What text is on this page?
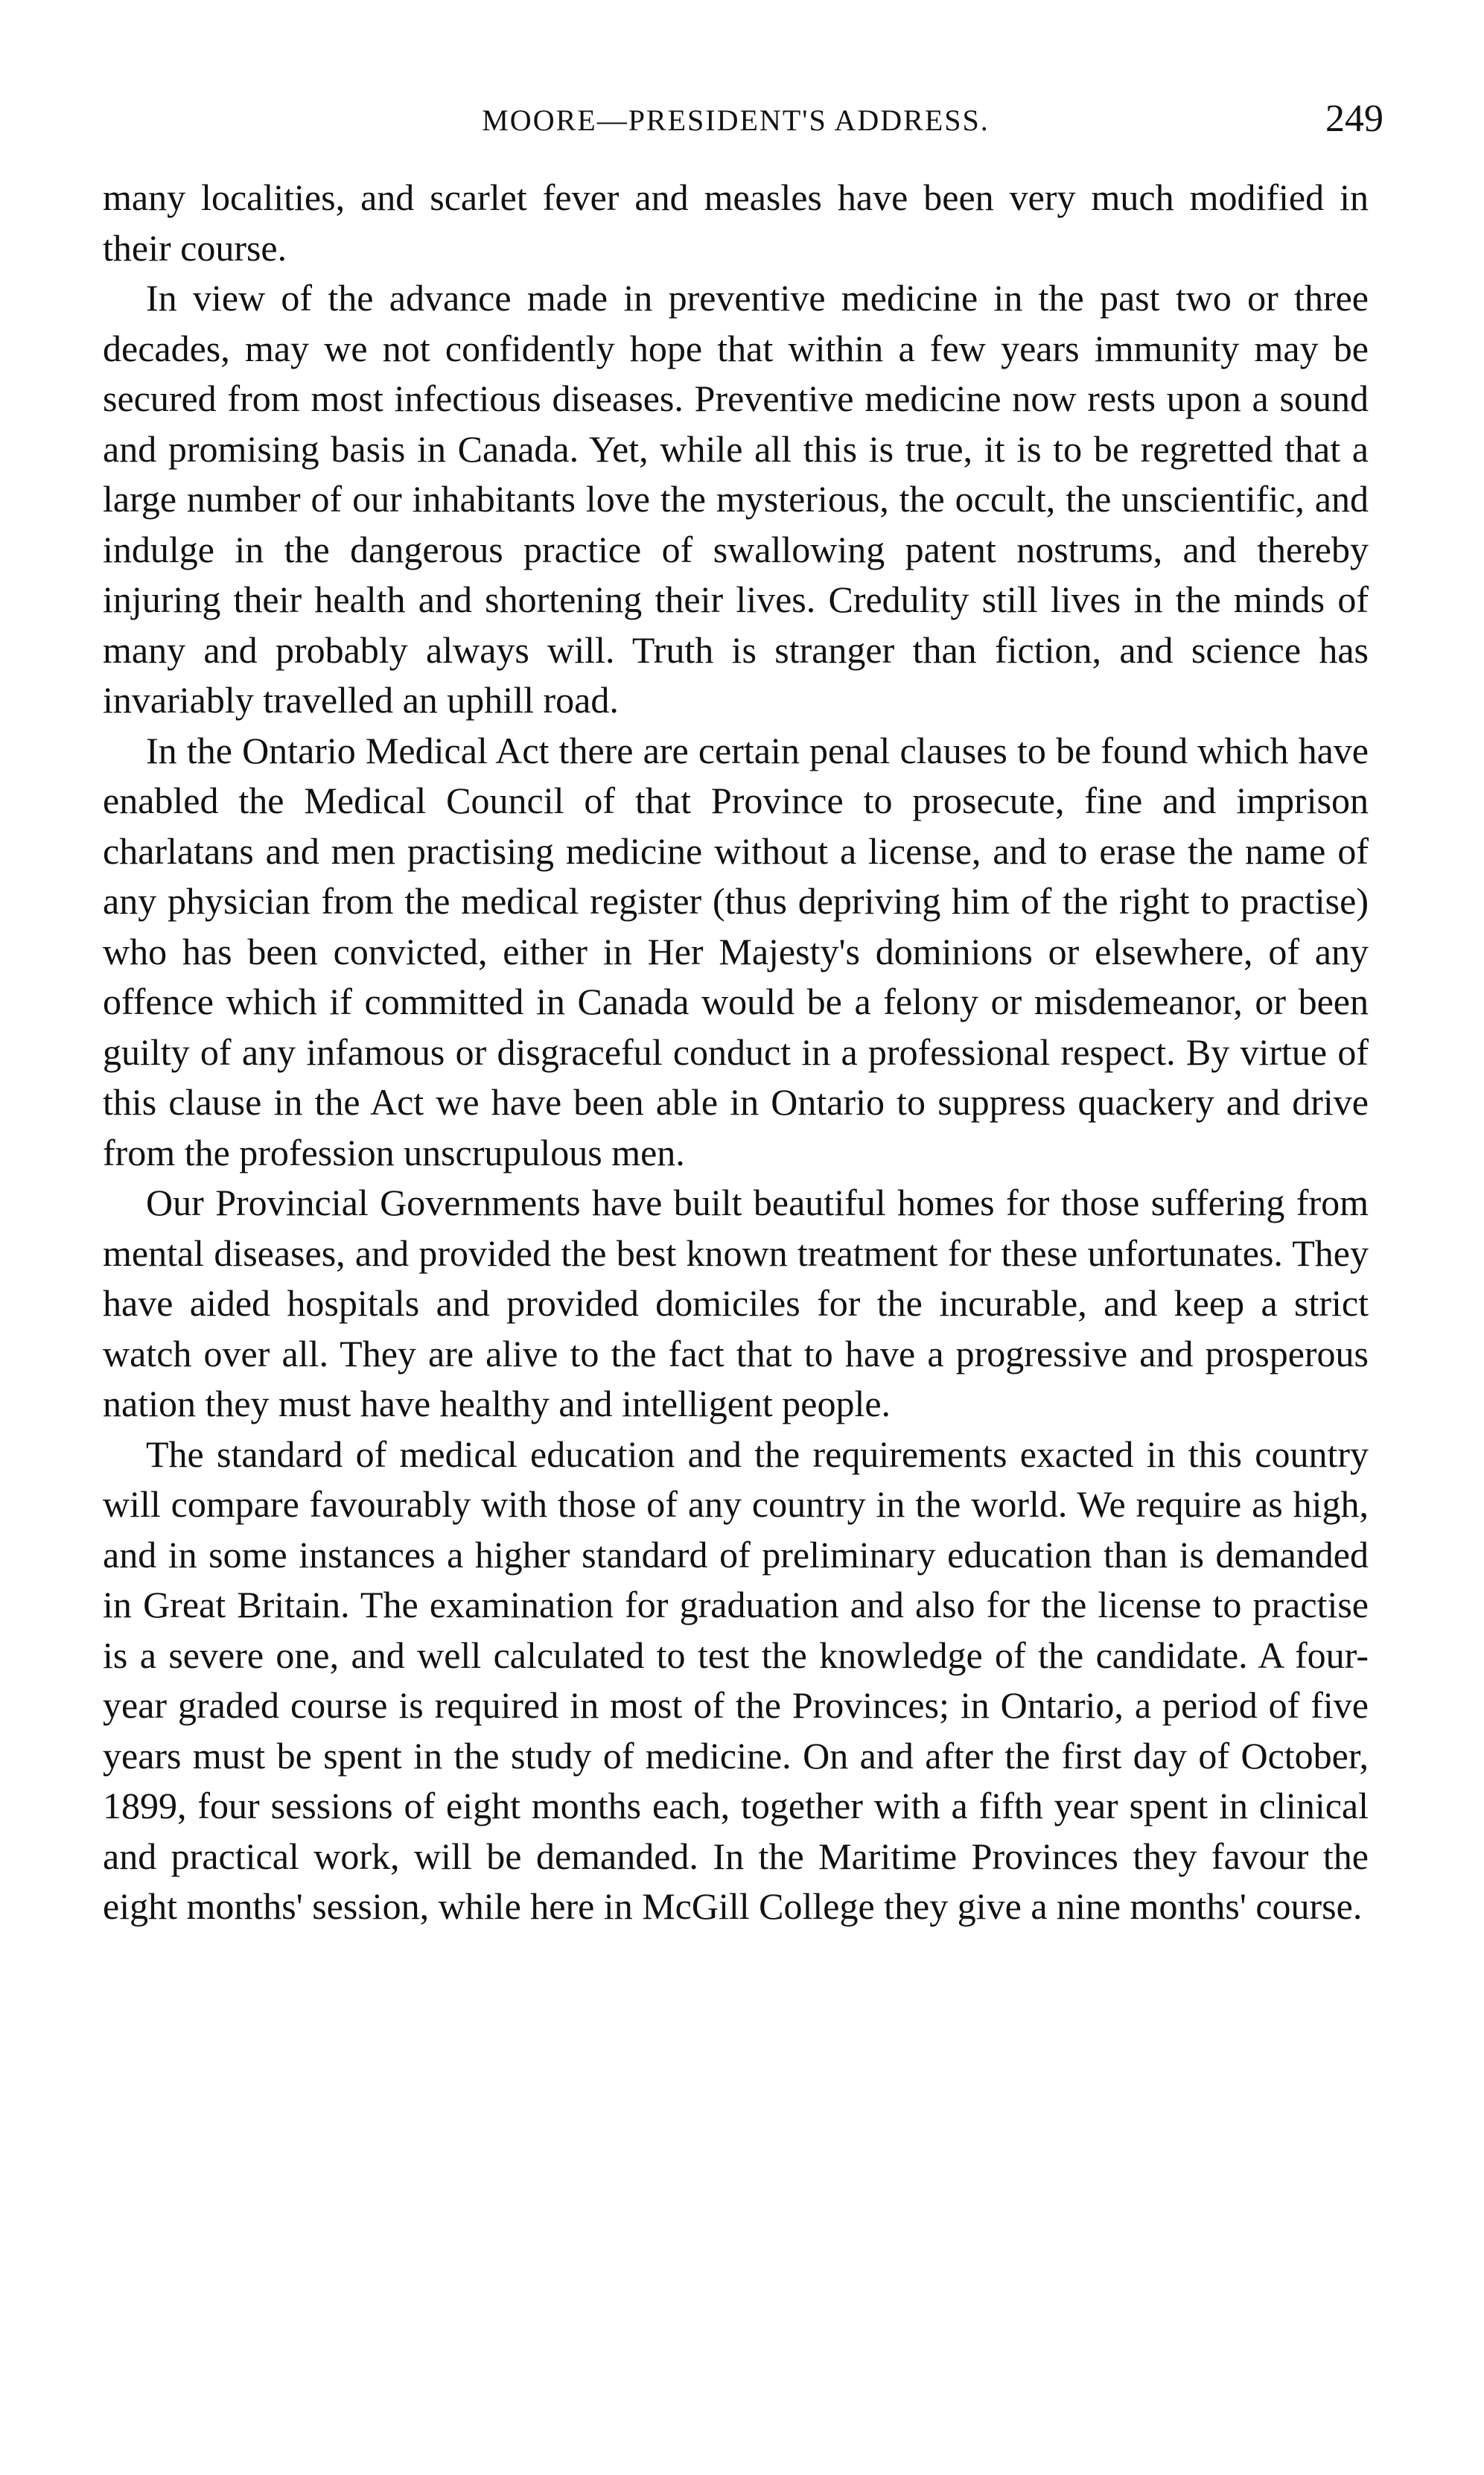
MOORE—PRESIDENT'S ADDRESS.	249

many localities, and scarlet fever and measles have been very much modified in their course.

In view of the advance made in preventive medicine in the past two or three decades, may we not confidently hope that within a few years immunity may be secured from most infectious diseases. Preventive medicine now rests upon a sound and promising basis in Canada. Yet, while all this is true, it is to be regretted that a large number of our inhabitants love the mysterious, the occult, the unscientific, and indulge in the dangerous practice of swallowing patent nostrums, and thereby injuring their health and shortening their lives. Credulity still lives in the minds of many and probably always will. Truth is stranger than fiction, and science has invariably travelled an uphill road.

In the Ontario Medical Act there are certain penal clauses to be found which have enabled the Medical Council of that Province to prosecute, fine and imprison charlatans and men practising medicine without a license, and to erase the name of any physician from the medical register (thus depriving him of the right to practise) who has been convicted, either in Her Majesty's dominions or elsewhere, of any offence which if committed in Canada would be a felony or misdemeanor, or been guilty of any infamous or disgraceful conduct in a professional respect. By virtue of this clause in the Act we have been able in Ontario to suppress quackery and drive from the profession unscrupulous men.

Our Provincial Governments have built beautiful homes for those suffering from mental diseases, and provided the best known treatment for these unfortunates. They have aided hospitals and provided domiciles for the incurable, and keep a strict watch over all. They are alive to the fact that to have a progressive and prosperous nation they must have healthy and intelligent people.

The standard of medical education and the requirements exacted in this country will compare favourably with those of any country in the world. We require as high, and in some instances a higher standard of preliminary education than is demanded in Great Britain. The examination for graduation and also for the license to practise is a severe one, and well calculated to test the knowledge of the candidate. A four-year graded course is required in most of the Provinces; in Ontario, a period of five years must be spent in the study of medicine. On and after the first day of October, 1899, four sessions of eight months each, together with a fifth year spent in clinical and practical work, will be demanded. In the Maritime Provinces they favour the eight months' session, while here in McGill College they give a nine months' course.
